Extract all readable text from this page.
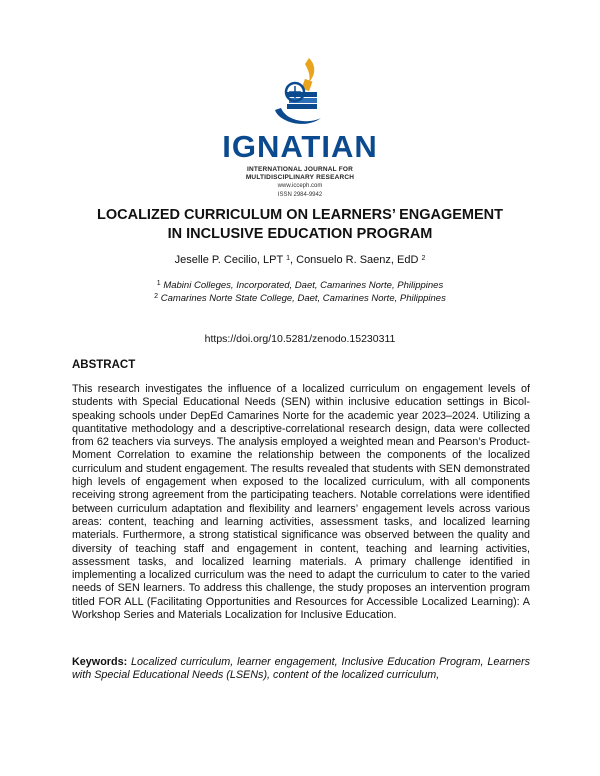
IGNATIAN
INTERNATIONAL JOURNAL FOR
MULTIDISCIPLINARY RESEARCH
www.icceph.com
ISSN 2984-9942
LOCALIZED CURRICULUM ON LEARNERS’ ENGAGEMENT
IN INCLUSIVE EDUCATION PROGRAM
Jeselle P. Cecilio, LPT $^1$, Consuelo R. Saenz, EdD $^2$
$^1$ Mabini Colleges, Incorporated, Daet, Camarines Norte, Philippines
$^2$ Camarines Norte State College, Daet, Camarines Norte, Philippines
https://doi.org/10.5281/zenodo.15230311
ABSTRACT

This research investigates the influence of a localized curriculum on engagement levels of students with Special Educational Needs (SEN) within inclusive education settings in Bicol-speaking schools under DepEd Camarines Norte for the academic year 2023–2024. Utilizing a quantitative methodology and a descriptive-correlational research design, data were collected from 62 teachers via surveys. The analysis employed a weighted mean and Pearson’s Product-Moment Correlation to examine the relationship between the components of the localized curriculum and student engagement. The results revealed that students with SEN demonstrated high levels of engagement when exposed to the localized curriculum, with all components receiving strong agreement from the participating teachers. Notable correlations were identified between curriculum adaptation and flexibility and learners’ engagement levels across various areas: content, teaching and learning activities, assessment tasks, and localized learning materials. Furthermore, a strong statistical significance was observed between the quality and diversity of teaching staff and engagement in content, teaching and learning activities, assessment tasks, and localized learning materials. A primary challenge identified in implementing a localized curriculum was the need to adapt the curriculum to cater to the varied needs of SEN learners. To address this challenge, the study proposes an intervention program titled FOR ALL (Facilitating Opportunities and Resources for Accessible Localized Learning): A Workshop Series and Materials Localization for Inclusive Education.

Keywords: Localized curriculum, learner engagement, Inclusive Education Program, Learners with Special Educational Needs (LSENs), content of the localized curriculum,
